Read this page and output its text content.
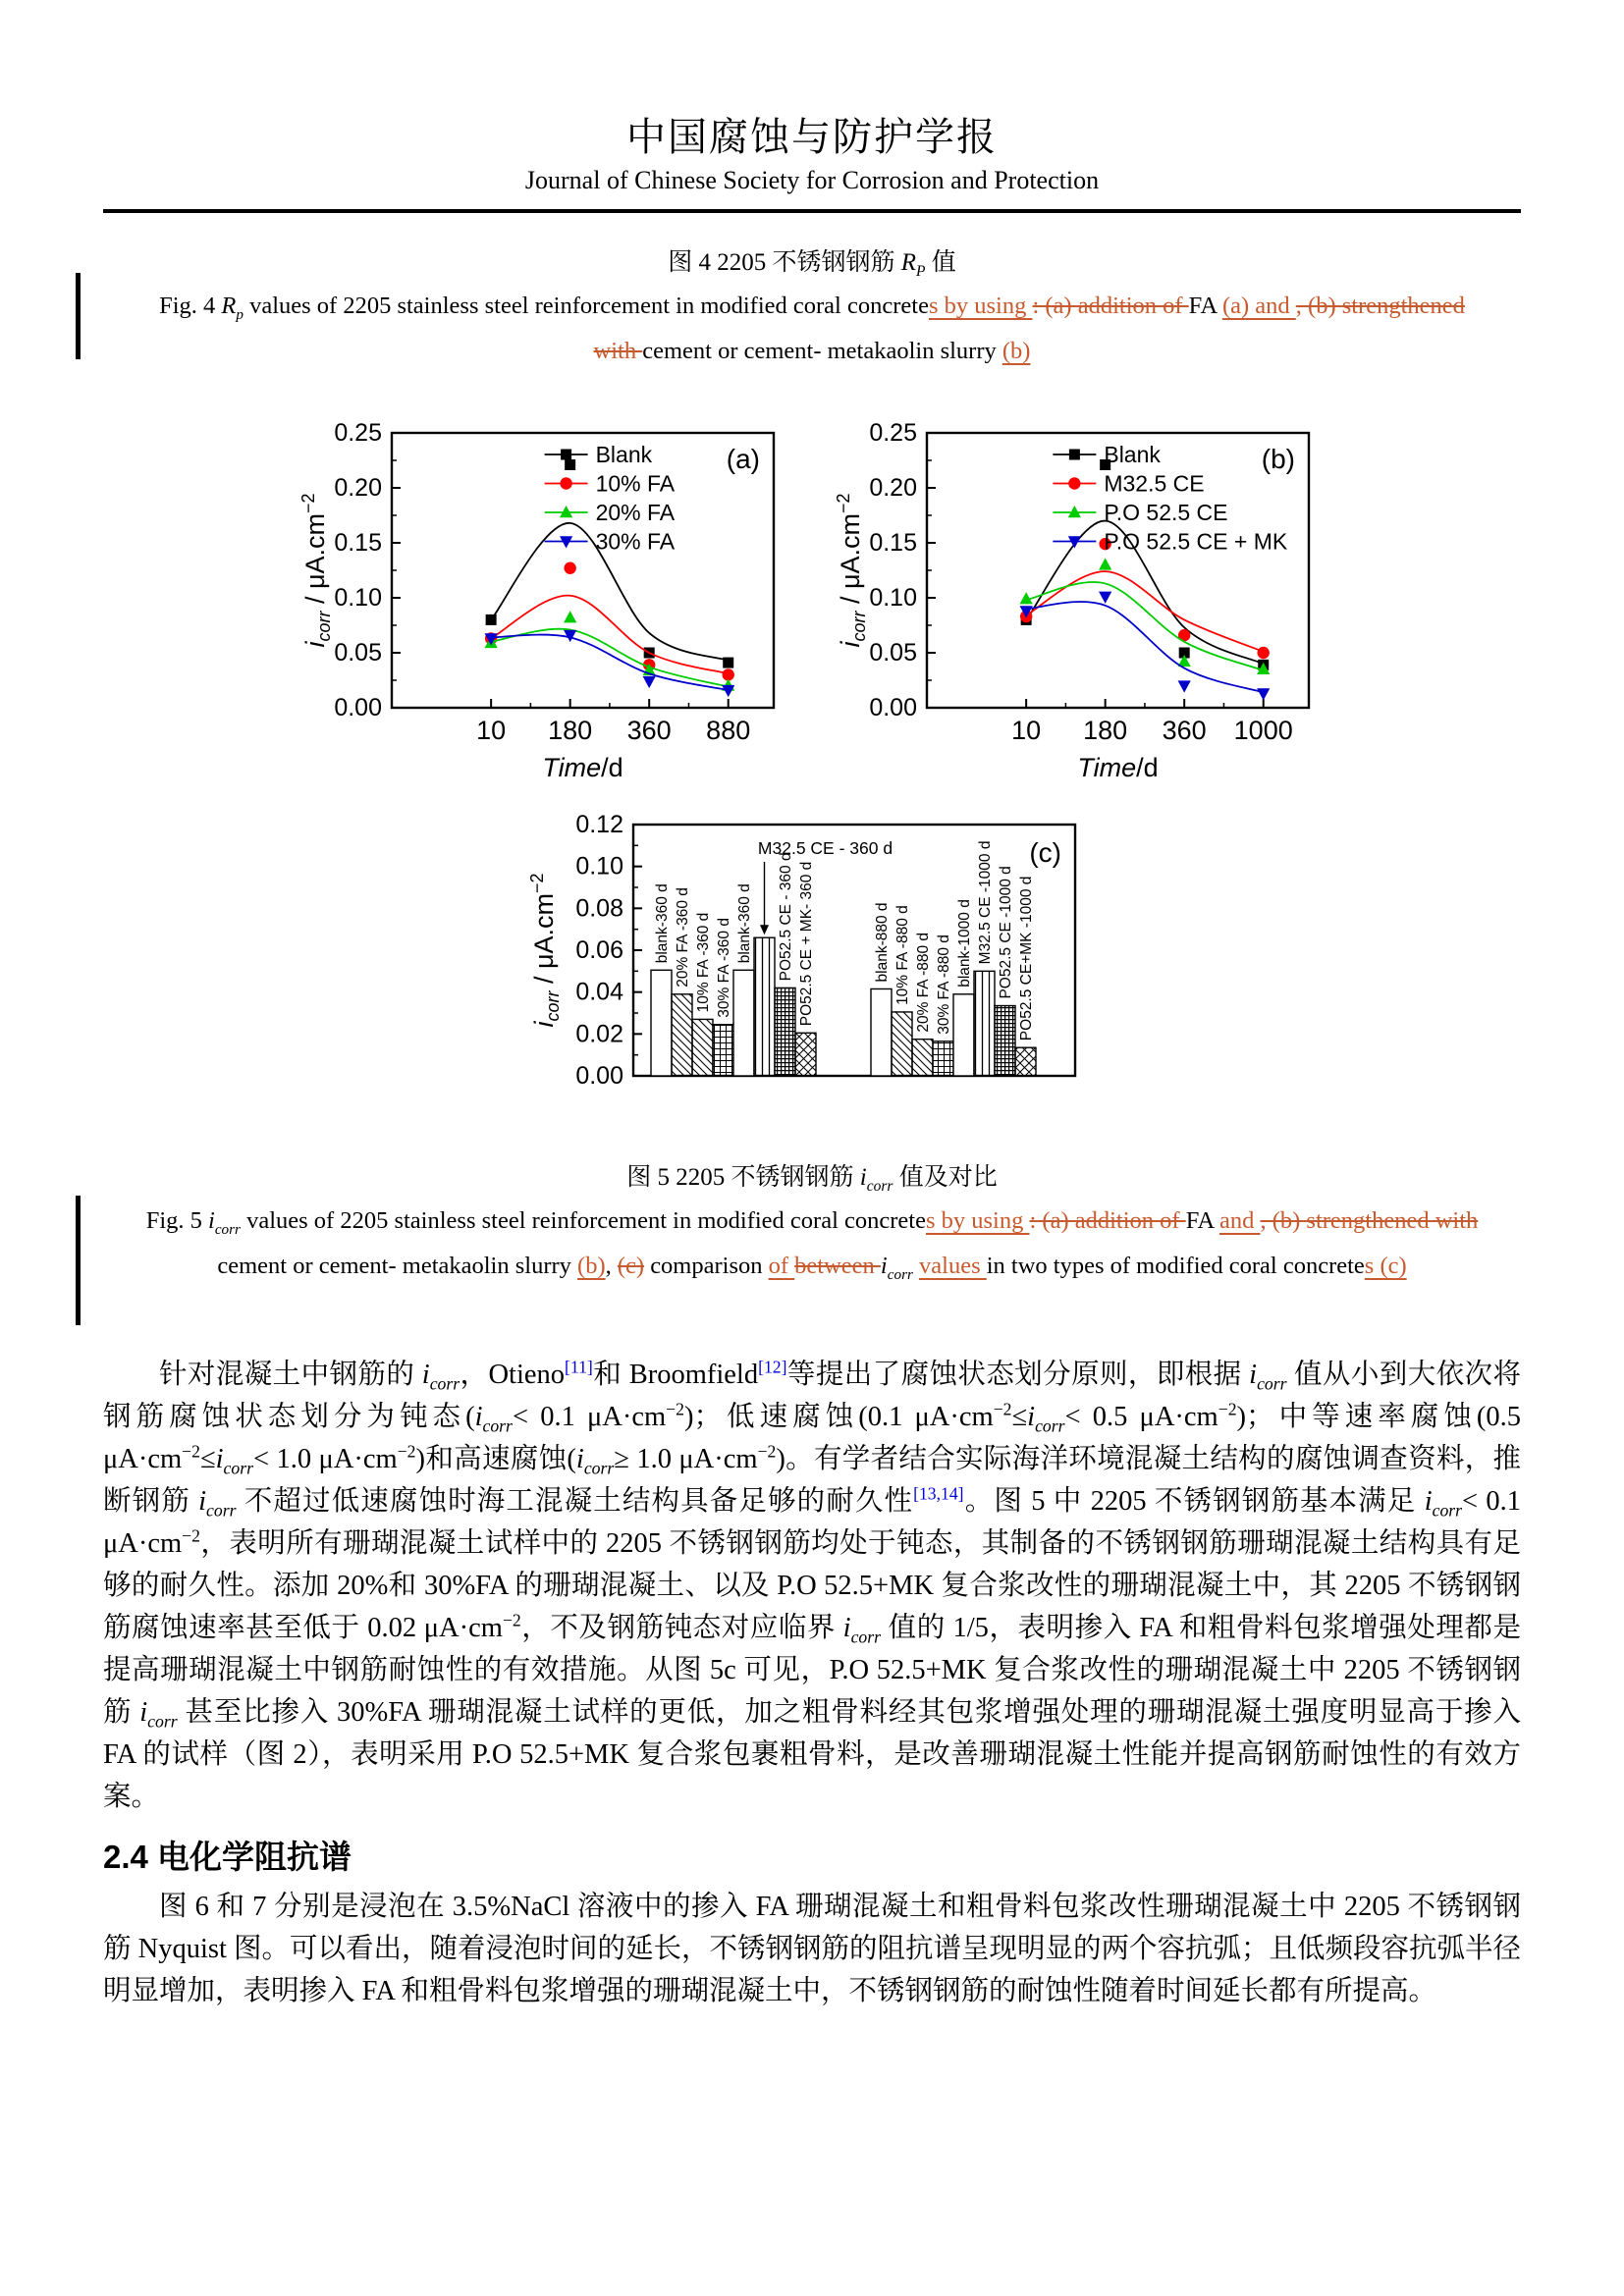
中国腐蚀与防护学报
Journal of Chinese Society for Corrosion and Protection
图 4 2205 不锈钢钢筋 $R_P$ 值
Fig. 4 $R_p$ values of 2205 stainless steel reinforcement in modified coral concretes by using : (a) addition of FA (a) and , (b) strengthened with cement or cement- metakaolin slurry (b)
0.00
0.05
0.10
0.15
0.20
0.25
10 180 360 880
Time/d
$i_{corr} / \mu A.cm^{-2}$
Blank
10% FA
20% FA
30% FA
(a)
0.00
0.05
0.10
0.15
0.20
0.25
10 180 360 1000
Time/d
$i_{corr} / \mu A.cm^{-2}$
Blank
M32.5 CE
P.O 52.5 CE
P.O 52.5 CE + MK
(b)
0.00
0.02
0.04
0.06
0.08
0.10
0.12
$i_{corr} / \mu A.cm^{-2}$
blank-360 d 20% FA -360 d 10% FA -360 d 30% FA -360 d blank-360 d PO52.5 CE - 360 d PO52.5 CE + MK- 360 d	blank-880 d 10% FA -880 d 20% FA -880 d 30% FA -880 d blank-1000 d M32.5 CE -1000 d PO52.5 CE -1000 d PO52.5 CE+MK -1000 d
M32.5 CE - 360 d	(c)
图 5 2205 不锈钢钢筋 $i_{corr}$ 值及对比
Fig. 5 $i_{corr}$ values of 2205 stainless steel reinforcement in modified coral concretes by using : (a) addition of FA and , (b) strengthened with cement or cement- metakaolin slurry (b), (c) comparison of between $i_{corr}$ values in two types of modified coral concretes (c)

针对混凝土中钢筋的 $i_{corr}$，Otieno[11]和 Broomfield[12]等提出了腐蚀状态划分原则，即根据 $i_{corr}$ 值从小到大依次将钢筋腐蚀状态划分为钝态($i_{corr}< 0.1$ $\mu A\cdot cm^{-2}$)；低速腐蚀(0.1 $\mu A\cdot cm^{-2}\le i_{corr}< 0.5$ $\mu A\cdot cm^{-2}$)；中等速率腐蚀(0.5 $\mu A\cdot cm^{-2}\le i_{corr}< 1.0$ $\mu A\cdot cm^{-2}$)和高速腐蚀($i_{corr}\ge 1.0$ $\mu A\cdot cm^{-2}$)。有学者结合实际海洋环境混凝土结构的腐蚀调查资料，推断钢筋 $i_{corr}$ 不超过低速腐蚀时海工混凝土结构具备足够的耐久性[13,14]。图 5 中 2205 不锈钢钢筋基本满足 $i_{corr}< 0.1$ $\mu A\cdot cm^{-2}$，表明所有珊瑚混凝土试样中的 2205 不锈钢钢筋均处于钝态，其制备的不锈钢钢筋珊瑚混凝土结构具有足够的耐久性。添加 20%和 30%FA 的珊瑚混凝土、以及 P.O 52.5+MK 复合浆改性的珊瑚混凝土中，其 2205 不锈钢钢筋腐蚀速率甚至低于 0.02 $\mu A\cdot cm^{-2}$，不及钢筋钝态对应临界 $i_{corr}$ 值的 1/5，表明掺入 FA 和粗骨料包浆增强处理都是提高珊瑚混凝土中钢筋耐蚀性的有效措施。从图 5c 可见，P.O 52.5+MK 复合浆改性的珊瑚混凝土中 2205 不锈钢钢筋 $i_{corr}$ 甚至比掺入 30%FA 珊瑚混凝土试样的更低，加之粗骨料经其包浆增强处理的珊瑚混凝土强度明显高于掺入 FA 的试样（图 2），表明采用 P.O 52.5+MK 复合浆包裹粗骨料，是改善珊瑚混凝土性能并提高钢筋耐蚀性的有效方案。

2.4 电化学阻抗谱

图 6 和 7 分别是浸泡在 3.5%NaCl 溶液中的掺入 FA 珊瑚混凝土和粗骨料包浆改性珊瑚混凝土中 2205 不锈钢钢筋 Nyquist 图。可以看出，随着浸泡时间的延长，不锈钢钢筋的阻抗谱呈现明显的两个容抗弧；且低频段容抗弧半径明显增加，表明掺入 FA 和粗骨料包浆增强的珊瑚混凝土中，不锈钢钢筋的耐蚀性随着时间延长都有所提高。
